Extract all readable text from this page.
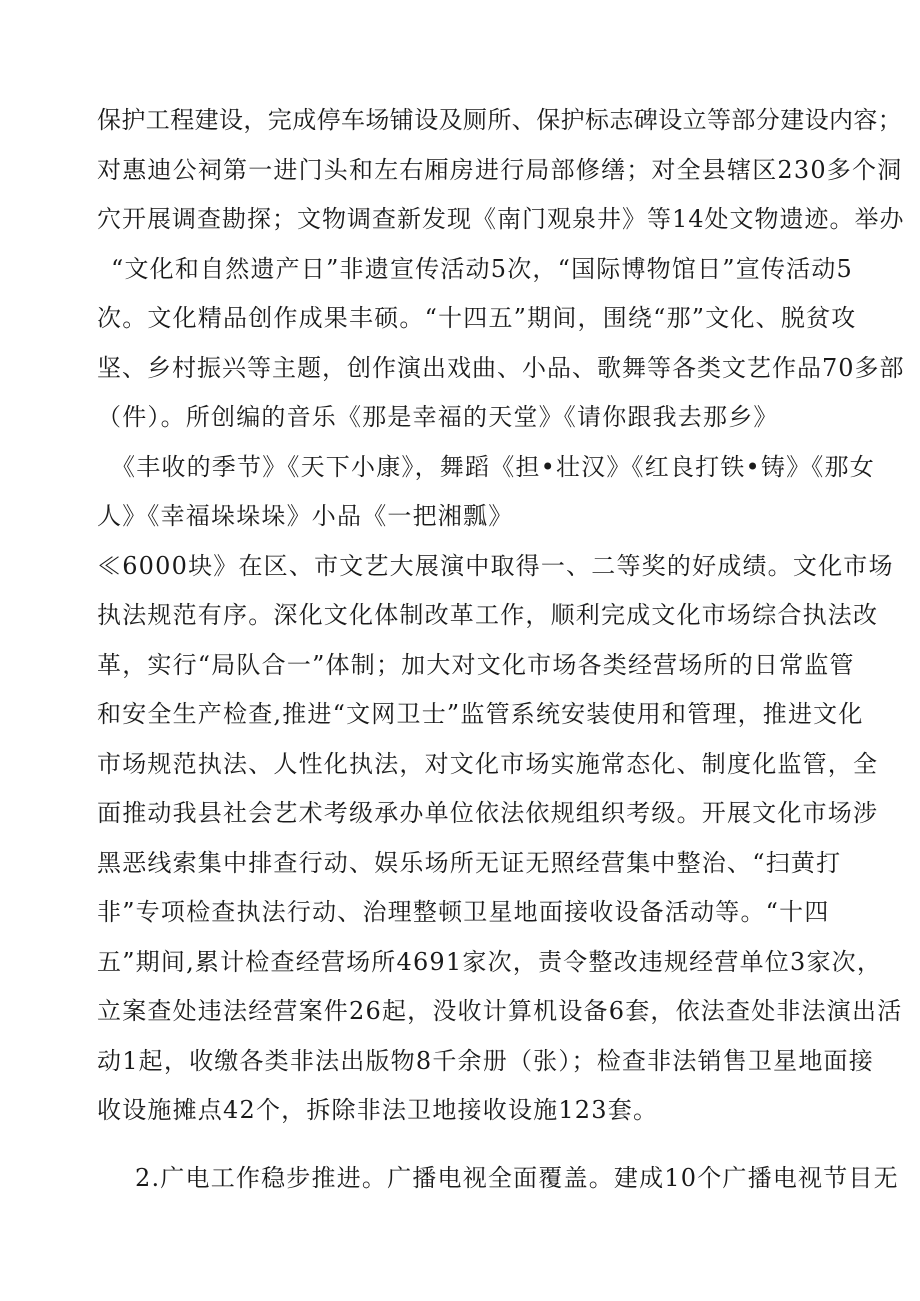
保护工程建设，完成停车场铺设及厕所、保护标志碑设立等部分建设内容；
对惠迪公祠第一进门头和左右厢房进行局部修缮；对全县辖区230多个洞
穴开展调查勘探；文物调查新发现《南门观泉井》等14处文物遗迹。举办
“文化和自然遗产日”非遗宣传活动5次，“国际博物馆日”宣传活动5
次。文化精品创作成果丰硕。“十四五”期间，围绕“那”文化、脱贫攻
坚、乡村振兴等主题，创作演出戏曲、小品、歌舞等各类文艺作品70多部
（件）。所创编的音乐《那是幸福的天堂》《请你跟我去那乡》
《丰收的季节》《天下小康》，舞蹈《担•壮汉》《红良打铁•铸》《那女
人》《幸福垛垛垛》小品《一把湘瓢》
≪6000块》在区、市文艺大展演中取得一、二等奖的好成绩。文化市场
执法规范有序。深化文化体制改革工作，顺利完成文化市场综合执法改
革，实行“局队合一”体制；加大对文化市场各类经营场所的日常监管
和安全生产检查,推进“文网卫士”监管系统安装使用和管理，推进文化
市场规范执法、人性化执法，对文化市场实施常态化、制度化监管，全
面推动我县社会艺术考级承办单位依法依规组织考级。开展文化市场涉
黑恶线索集中排查行动、娱乐场所无证无照经营集中整治、“扫黄打
非”专项检查执法行动、治理整顿卫星地面接收设备活动等。“十四
五”期间,累计检查经营场所4691家次，责令整改违规经营单位3家次，
立案查处违法经营案件26起，没收计算机设备6套，依法查处非法演出活
动1起，收缴各类非法出版物8千余册（张）；检查非法销售卫星地面接
收设施摊点42个，拆除非法卫地接收设施123套。
2.广电工作稳步推进。广播电视全面覆盖。建成10个广播电视节目无
